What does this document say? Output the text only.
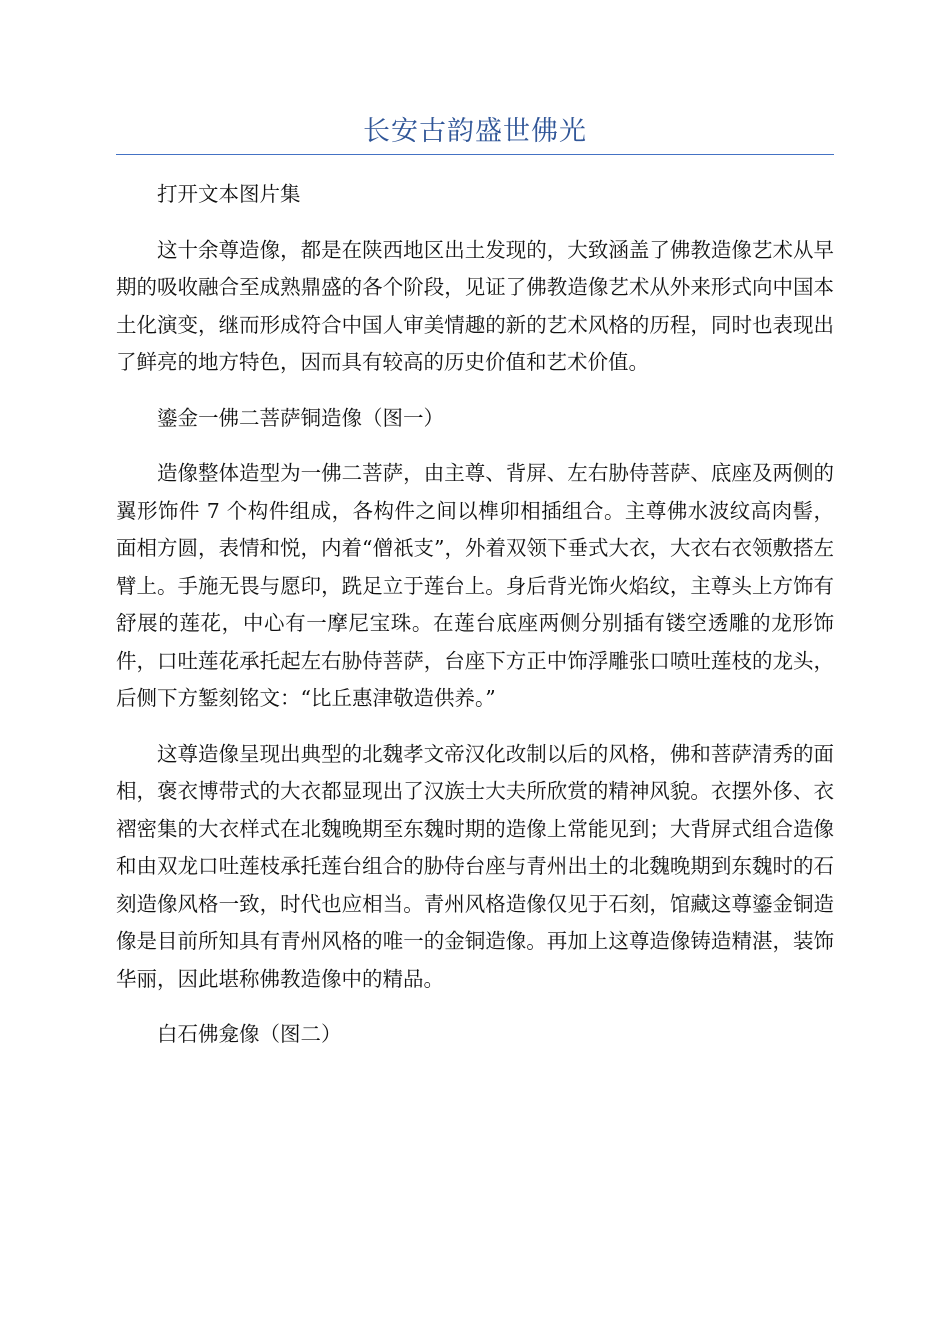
长安古韵盛世佛光

打开文本图片集

这十余尊造像，都是在陕西地区出土发现的，大致涵盖了佛教造像艺术从早期的吸收融合至成熟鼎盛的各个阶段，见证了佛教造像艺术从外来形式向中国本土化演变，继而形成符合中国人审美情趣的新的艺术风格的历程，同时也表现出了鲜亮的地方特色，因而具有较高的历史价值和艺术价值。

鎏金一佛二菩萨铜造像（图一）

造像整体造型为一佛二菩萨，由主尊、背屏、左右胁侍菩萨、底座及两侧的翼形饰件 7 个构件组成，各构件之间以榫卯相插组合。主尊佛水波纹高肉髻，面相方圆，表情和悦，内着“僧祇支”，外着双领下垂式大衣，大衣右衣领敷搭左臂上。手施无畏与愿印，跣足立于莲台上。身后背光饰火焰纹，主尊头上方饰有舒展的莲花，中心有一摩尼宝珠。在莲台底座两侧分别插有镂空透雕的龙形饰件，口吐莲花承托起左右胁侍菩萨，台座下方正中饰浮雕张口喷吐莲枝的龙头，后侧下方錾刻铭文：“比丘惠津敬造供养。”

这尊造像呈现出典型的北魏孝文帝汉化改制以后的风格，佛和菩萨清秀的面相，褒衣博带式的大衣都显现出了汉族士大夫所欣赏的精神风貌。衣摆外侈、衣褶密集的大衣样式在北魏晚期至东魏时期的造像上常能见到；大背屏式组合造像和由双龙口吐莲枝承托莲台组合的胁侍台座与青州出土的北魏晚期到东魏时的石刻造像风格一致，时代也应相当。青州风格造像仅见于石刻，馆藏这尊鎏金铜造像是目前所知具有青州风格的唯一的金铜造像。再加上这尊造像铸造精湛，装饰华丽，因此堪称佛教造像中的精品。

白石佛龛像（图二）
